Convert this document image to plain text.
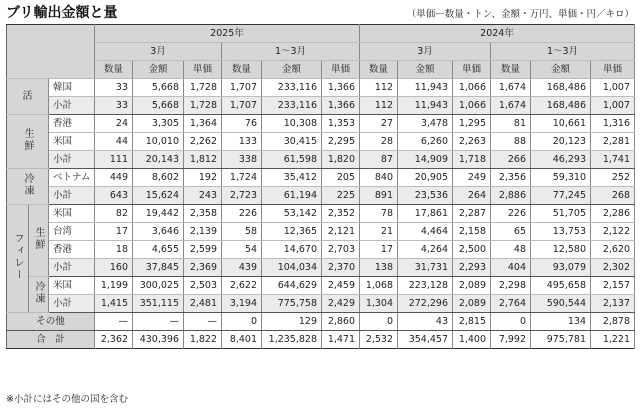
ブリ輸出金額と量	（単価ー数量・トン、金額・万円、単価・円／キロ）
			2025年						2024年					
			3月			1～3月			3月			1～3月		
			数量	金額	単価	数量	金額	単価	数量	金額	単価	数量	金額	単価
活		韓国	33	5,668	1,728	1,707	233,116	1,366	112	11,943	1,066	1,674	168,486	1,007
		小計	33	5,668	1,728	1,707	233,116	1,366	112	11,943	1,066	1,674	168,486	1,007
生鮮		香港	24	3,305	1,364	76	10,308	1,353	27	3,478	1,295	81	10,661	1,316
		米国	44	10,010	2,262	133	30,415	2,295	28	6,260	2,263	88	20,123	2,281
		小計	111	20,143	1,812	338	61,598	1,820	87	14,909	1,718	266	46,293	1,741
冷凍		ベトナム	449	8,602	192	1,724	35,412	205	840	20,905	249	2,356	59,310	252
		小計	643	15,624	243	2,723	61,194	225	891	23,536	264	2,886	77,245	268
フィレー	生鮮	米国	82	19,442	2,358	226	53,142	2,352	78	17,861	2,287	226	51,705	2,286
		台湾	17	3,646	2,139	58	12,365	2,121	21	4,464	2,158	65	13,753	2,122
		香港	18	4,655	2,599	54	14,670	2,703	17	4,264	2,500	48	12,580	2,620
		小計	160	37,845	2,369	439	104,034	2,370	138	31,731	2,293	404	93,079	2,302
	冷凍	米国	1,199	300,025	2,503	2,622	644,629	2,459	1,068	223,128	2,089	2,298	495,658	2,157
		小計	1,415	351,115	2,481	3,194	775,758	2,429	1,304	272,296	2,089	2,764	590,544	2,137
その他			—	—	—	0	129	2,860	0	43	2,815	0	134	2,878
合　計			2,362	430,396	1,822	8,401	1,235,828	1,471	2,532	354,457	1,400	7,992	975,781	1,221
※小計にはその他の国を含む
